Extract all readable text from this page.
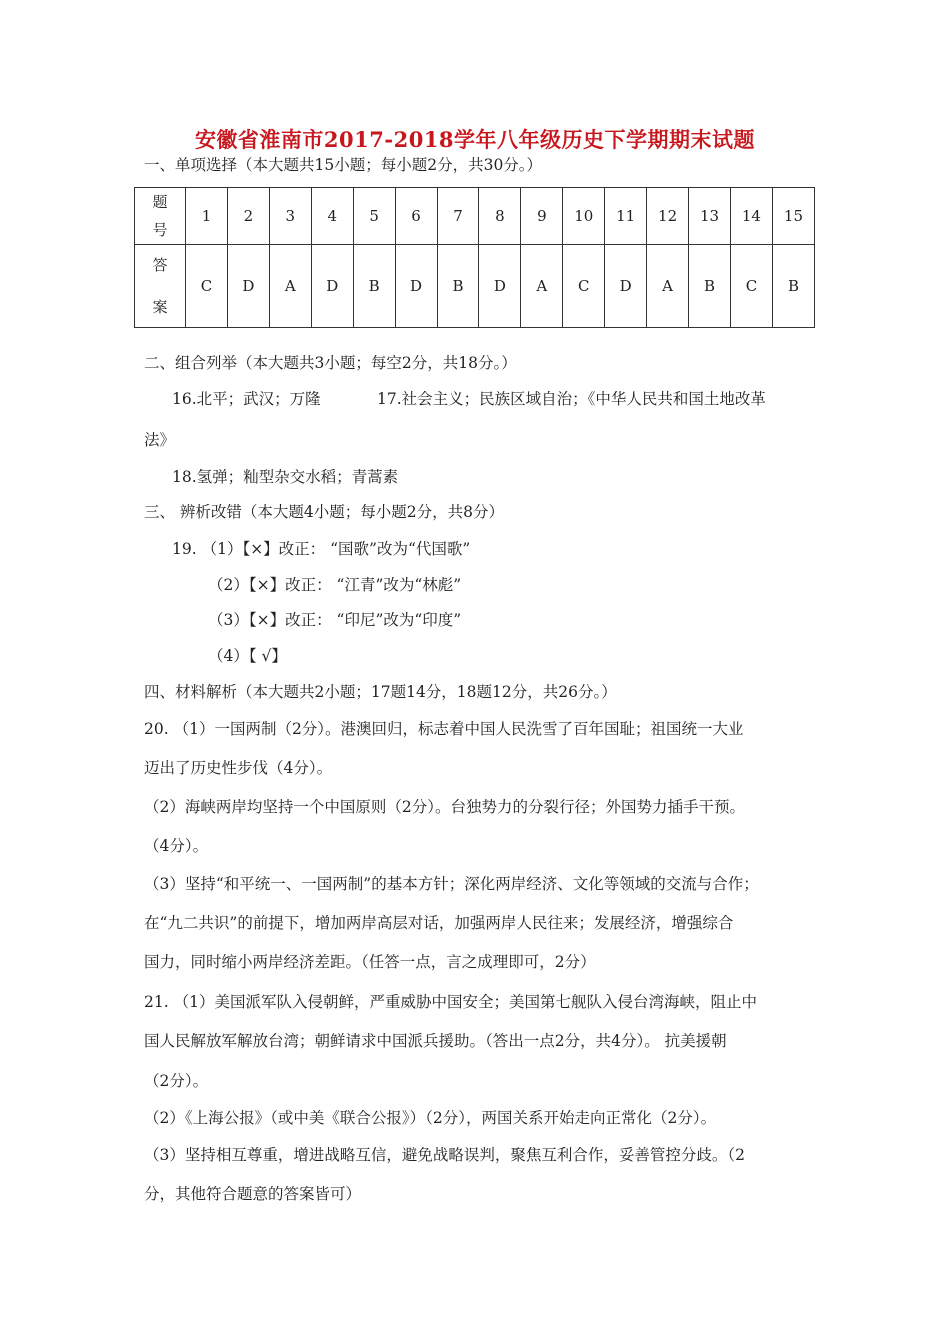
安徽省淮南市2017-2018学年八年级历史下学期期末试题
一、单项选择（本大题共15小题；每小题2分，共30分。）
题
号	1	2	3	4	5	6	7	8	9	10	11	12	13	14	15

答
案	C	D	A	D	B	D	B	D	A	C	D	A	B	C	B
二、组合列举（本大题共3小题；每空2分，共18分。）
16.北平；武汉；万隆	17.社会主义；民族区域自治；《中华人民共和国土地改革
法》
18.氢弹；籼型杂交水稻；青蒿素
三、 辨析改错（本大题4小题；每小题2分，共8分）
19. （1）【×】改正： “国歌”改为“代国歌”
（2）【×】改正： “江青”改为“林彪”
（3）【×】改正： “印尼”改为“印度”
（4）【 √】
四、材料解析（本大题共2小题；17题14分，18题12分，共26分。）
20. （1）一国两制（2分）。港澳回归，标志着中国人民洗雪了百年国耻；祖国统一大业
迈出了历史性步伐（4分）。
（2）海峡两岸均坚持一个中国原则（2分）。台独势力的分裂行径；外国势力插手干预。
（4分）。
（3）坚持“和平统一、一国两制”的基本方针；深化两岸经济、文化等领域的交流与合作；
在“九二共识”的前提下，增加两岸高层对话，加强两岸人民往来；发展经济，增强综合
国力，同时缩小两岸经济差距。（任答一点，言之成理即可，2分）
21. （1）美国派军队入侵朝鲜，严重威胁中国安全；美国第七舰队入侵台湾海峡，阻止中
国人民解放军解放台湾；朝鲜请求中国派兵援助。（答出一点2分，共4分）。 抗美援朝
（2分）。
（2）《上海公报》（或中美《联合公报》）（2分），两国关系开始走向正常化（2分）。
（3）坚持相互尊重，增进战略互信，避免战略误判，聚焦互利合作，妥善管控分歧。（2
分，其他符合题意的答案皆可）
